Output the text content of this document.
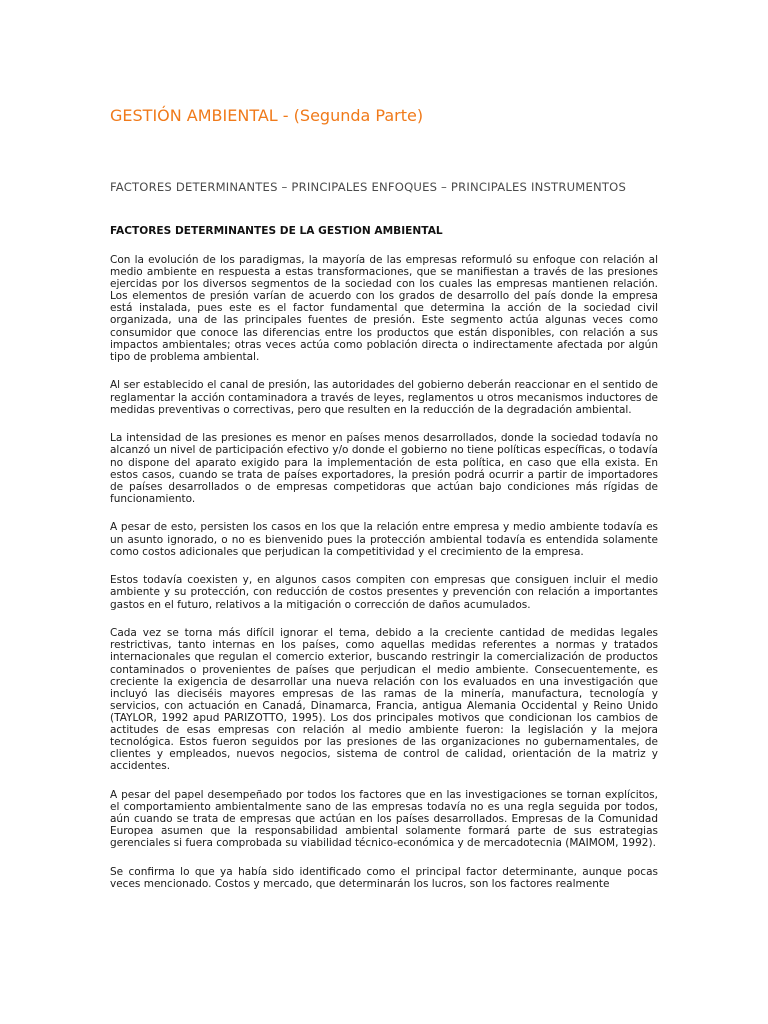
GESTIÓN AMBIENTAL - (Segunda Parte)

FACTORES DETERMINANTES – PRINCIPALES ENFOQUES – PRINCIPALES INSTRUMENTOS

FACTORES DETERMINANTES DE LA GESTION AMBIENTAL

Con la evolución de los paradigmas, la mayoría de las empresas reformuló su enfoque con relación al medio ambiente en respuesta a estas transformaciones, que se manifiestan a través de las presiones ejercidas por los diversos segmentos de la sociedad con los cuales las empresas mantienen relación. Los elementos de presión varían de acuerdo con los grados de desarrollo del país donde la empresa está instalada, pues este es el factor fundamental que determina la acción de la sociedad civil organizada, una de las principales fuentes de presión. Este segmento actúa algunas veces como consumidor que conoce las diferencias entre los productos que están disponibles, con relación a sus impactos ambientales; otras veces actúa como población directa o indirectamente afectada por algún tipo de problema ambiental.

Al ser establecido el canal de presión, las autoridades del gobierno deberán reaccionar en el sentido de reglamentar la acción contaminadora a través de leyes, reglamentos u otros mecanismos inductores de medidas preventivas o correctivas, pero que resulten en la reducción de la degradación ambiental.

La intensidad de las presiones es menor en países menos desarrollados, donde la sociedad todavía no alcanzó un nivel de participación efectivo y/o donde el gobierno no tiene políticas específicas, o todavía no dispone del aparato exigido para la implementación de esta política, en caso que ella exista. En estos casos, cuando se trata de países exportadores, la presión podrá ocurrir a partir de importadores de países desarrollados o de empresas competidoras que actúan bajo condiciones más rígidas de funcionamiento.

A pesar de esto, persisten los casos en los que la relación entre empresa y medio ambiente todavía es un asunto ignorado, o no es bienvenido pues la protección ambiental todavía es entendida solamente como costos adicionales que perjudican la competitividad y el crecimiento de la empresa.

Estos todavía coexisten y, en algunos casos compiten con empresas que consiguen incluir el medio ambiente y su protección, con reducción de costos presentes y prevención con relación a importantes gastos en el futuro, relativos a la mitigación o corrección de daños acumulados.

Cada vez se torna más difícil ignorar el tema, debido a la creciente cantidad de medidas legales restrictivas, tanto internas en los países, como aquellas medidas referentes a normas y tratados internacionales que regulan el comercio exterior, buscando restringir la comercialización de productos contaminados o provenientes de países que perjudican el medio ambiente. Consecuentemente, es creciente la exigencia de desarrollar una nueva relación con los evaluados en una investigación que incluyó las dieciséis mayores empresas de las ramas de la minería, manufactura, tecnología y servicios, con actuación en Canadá, Dinamarca, Francia, antigua Alemania Occidental y Reino Unido (TAYLOR, 1992 apud PARIZOTTO, 1995). Los dos principales motivos que condicionan los cambios de actitudes de esas empresas con relación al medio ambiente fueron: la legislación y la mejora tecnológica. Estos fueron seguidos por las presiones de las organizaciones no gubernamentales, de clientes y empleados, nuevos negocios, sistema de control de calidad, orientación de la matriz y accidentes.

A pesar del papel desempeñado por todos los factores que en las investigaciones se tornan explícitos, el comportamiento ambientalmente sano de las empresas todavía no es una regla seguida por todos, aún cuando se trata de empresas que actúan en los países desarrollados. Empresas de la Comunidad Europea asumen que la responsabilidad ambiental solamente formará parte de sus estrategias gerenciales si fuera comprobada su viabilidad técnico-económica y de mercadotecnia (MAIMOM, 1992).

Se confirma lo que ya había sido identificado como el principal factor determinante, aunque pocas veces mencionado. Costos y mercado, que determinarán los lucros, son los factores realmente
